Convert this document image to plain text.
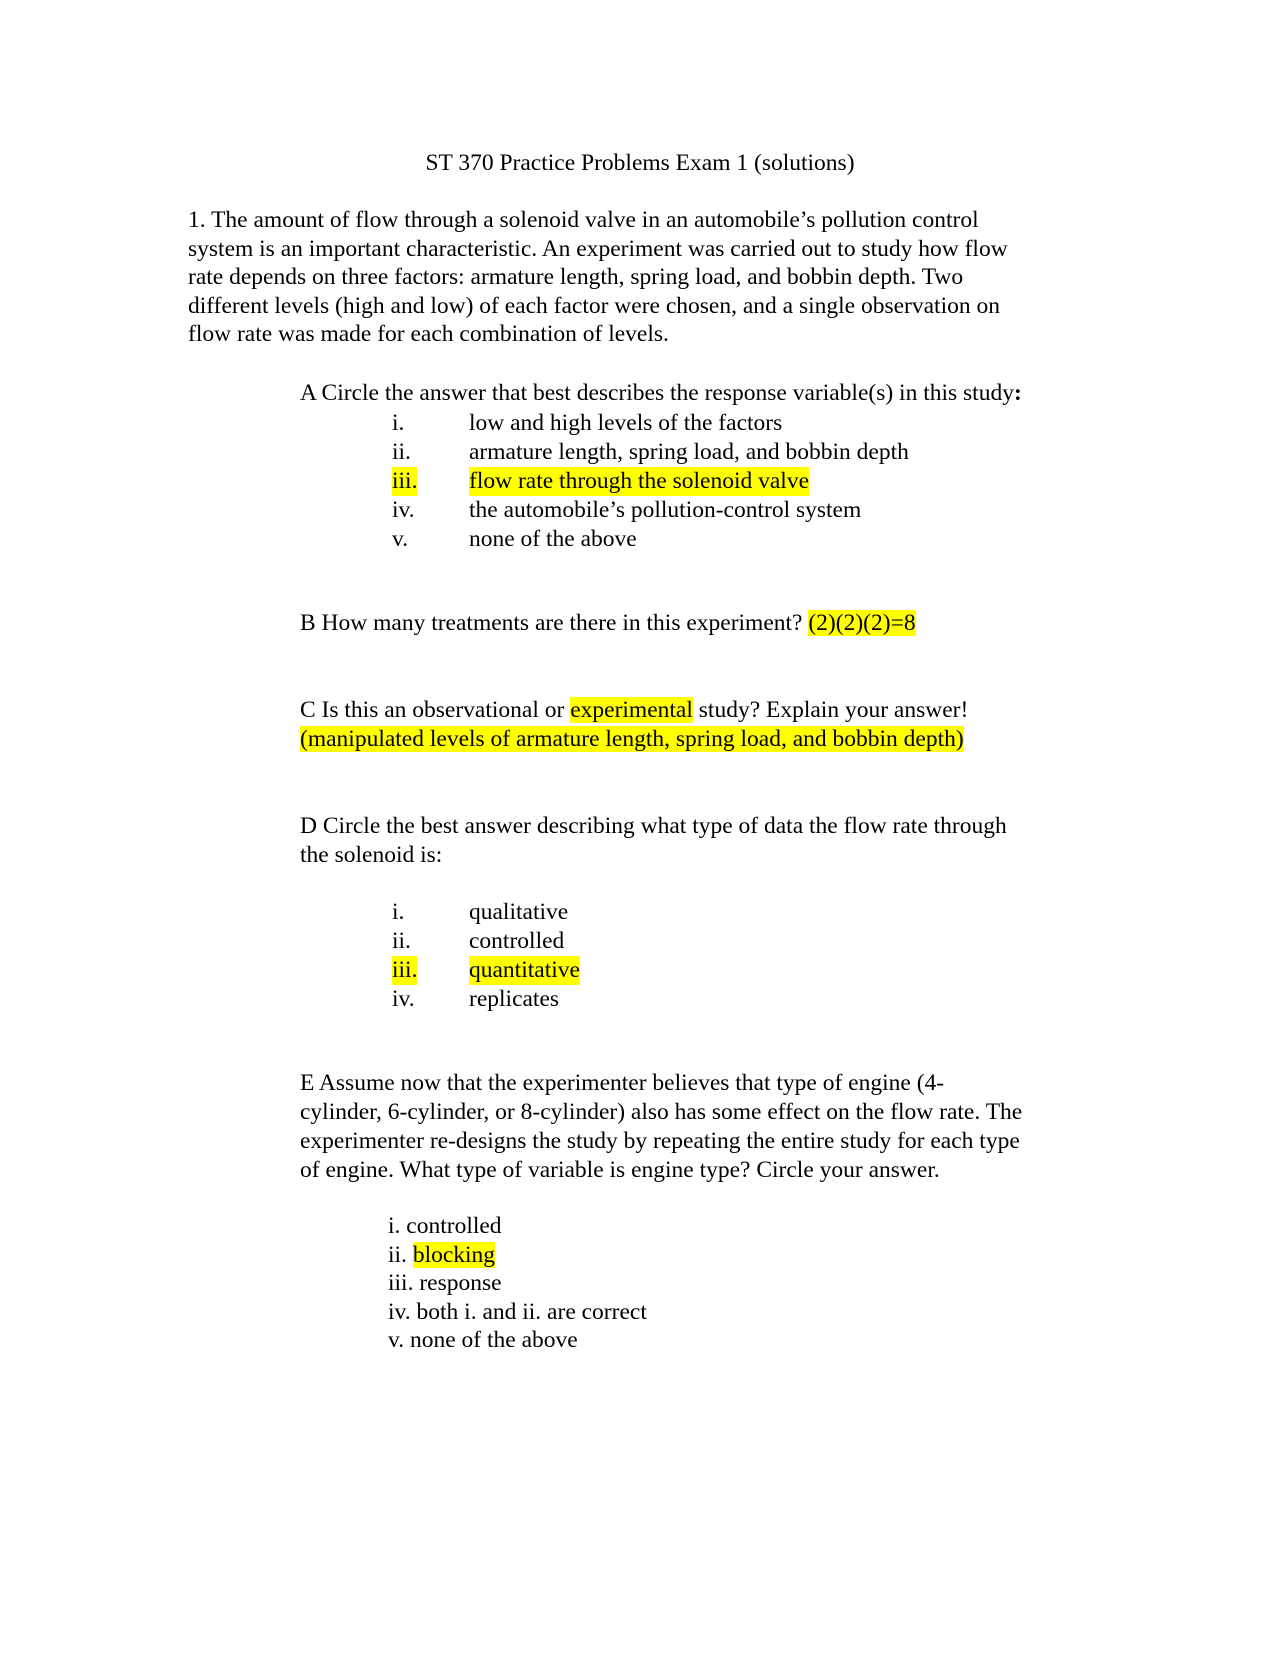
ST 370 Practice Problems Exam 1 (solutions)
1. The amount of flow through a solenoid valve in an automobile’s pollution control
system is an important characteristic. An experiment was carried out to study how flow
rate depends on three factors: armature length, spring load, and bobbin depth. Two
different levels (high and low) of each factor were chosen, and a single observation on
flow rate was made for each combination of levels.
A Circle the answer that best describes the response variable(s) in this study:
i.	low and high levels of the factors
ii. armature length, spring load, and bobbin depth
iii. flow rate through the solenoid valve
iv. the automobile’s pollution-control system
v.	none of the above
B How many treatments are there in this experiment? (2)(2)(2)=8
C Is this an observational or experimental study? Explain your answer!
(manipulated levels of armature length, spring load, and bobbin depth)
D Circle the best answer describing what type of data the flow rate through
the solenoid is:
i.	qualitative
ii. controlled
iii. quantitative
iv. replicates
E Assume now that the experimenter believes that type of engine (4-
cylinder, 6-cylinder, or 8-cylinder) also has some effect on the flow rate. The
experimenter re-designs the study by repeating the entire study for each type
of engine. What type of variable is engine type? Circle your answer.
i. controlled
ii. blocking
iii. response
iv. both i. and ii. are correct
v. none of the above
